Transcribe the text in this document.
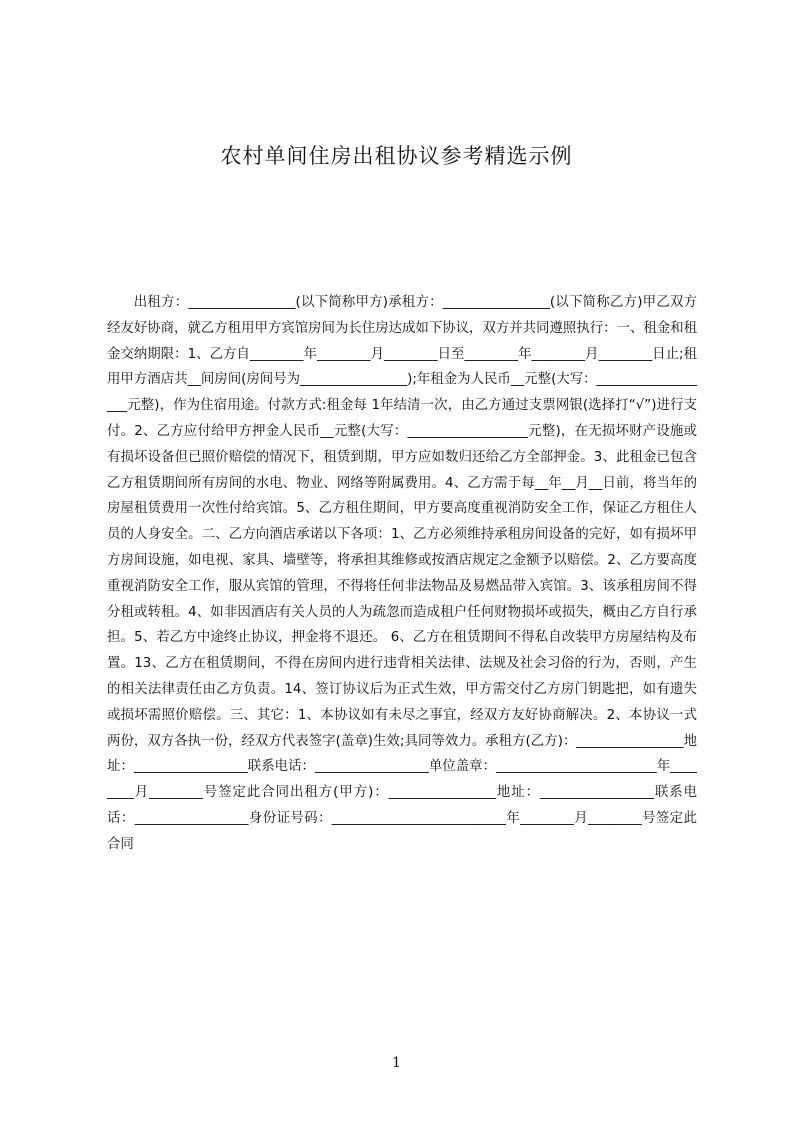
农村单间住房出租协议参考精选示例

出租方：________________(以下简称甲方)承租方：________________(以下简称乙方)甲乙双方经友好协商，就乙方租用甲方宾馆房间为长住房达成如下协议，双方并共同遵照执行：一、租金和租金交纳期限：1、乙方自________年________月________日至________年________月________日止;租用甲方酒店共__间房间(房间号为________________);年租金为人民币__元整(大写：__________________元整)，作为住宿用途。付款方式:租金每 1年结清一次，由乙方通过支票网银(选择打“√”)进行支付。2、乙方应付给甲方押金人民币__元整(大写：__________________元整)，在无损坏财产设施或有损坏设备但已照价赔偿的情况下，租赁到期，甲方应如数归还给乙方全部押金。3、此租金已包含乙方租赁期间所有房间的水电、物业、网络等附属费用。4、乙方需于每__年__月__日前，将当年的房屋租赁费用一次性付给宾馆。5、乙方租住期间，甲方要高度重视消防安全工作，保证乙方租住人员的人身安全。二、乙方向酒店承诺以下各项：1、乙方必须维持承租房间设备的完好，如有损坏甲方房间设施，如电视、家具、墙壁等，将承担其维修或按酒店规定之金额予以赔偿。2、乙方要高度重视消防安全工作，服从宾馆的管理，不得将任何非法物品及易燃品带入宾馆。3、该承租房间不得分租或转租。4、如非因酒店有关人员的人为疏忽而造成租户任何财物损坏或损失，概由乙方自行承担。5、若乙方中途终止协议，押金将不退还。 6、乙方在租赁期间不得私自改装甲方房屋结构及布置。13、乙方在租赁期间，不得在房间内进行违背相关法律、法规及社会习俗的行为，否则，产生的相关法律责任由乙方负责。14、签订协议后为正式生效，甲方需交付乙方房门钥匙把，如有遗失或损坏需照价赔偿。三、其它：1、本协议如有未尽之事宜，经双方友好协商解决。2、本协议一式两份，双方各执一份，经双方代表签字(盖章)生效;具同等效力。承租方(乙方)：________________地址：_________________联系电话：_________________单位盖章：________________________年________月________号签定此合同出租方(甲方)：________________地址：_________________联系电话：_________________身份证号码：__________________________年________月________号签定此合同

1
